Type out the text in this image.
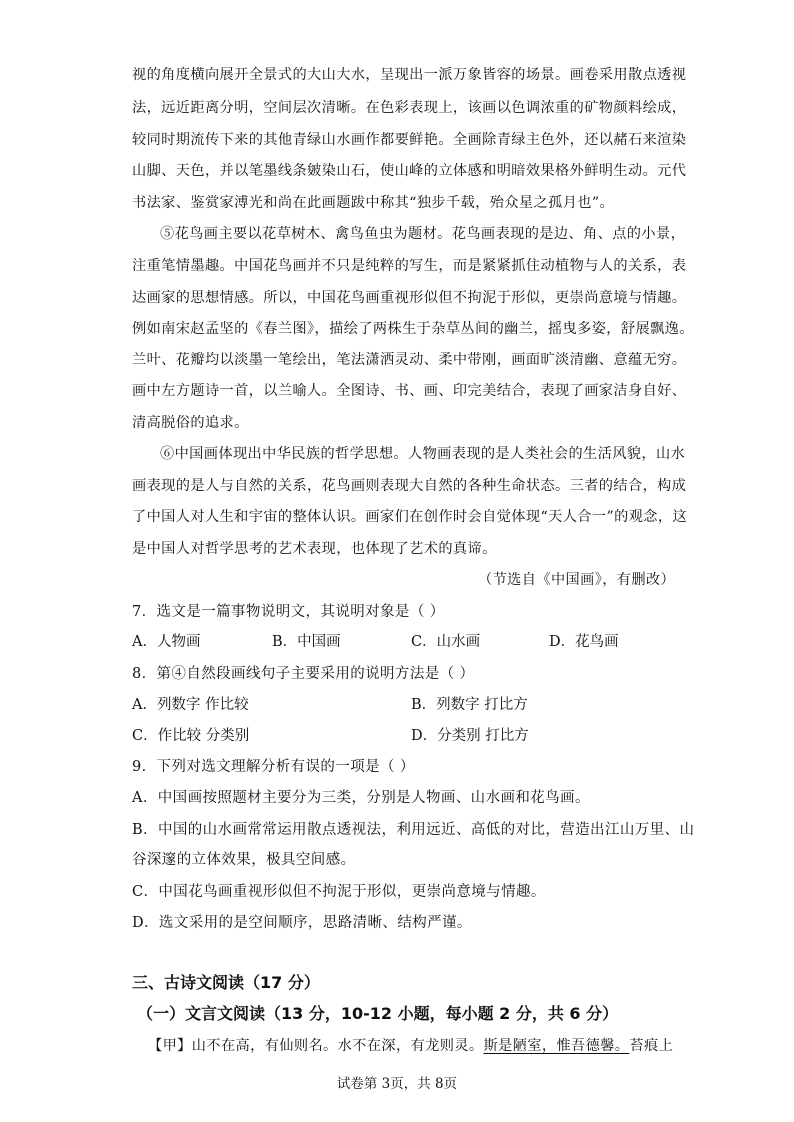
视的角度横向展开全景式的大山大水，呈现出一派万象皆容的场景。画卷采用散点透视
法，远近距离分明，空间层次清晰。在色彩表现上，该画以色调浓重的矿物颜料绘成，
较同时期流传下来的其他青绿山水画作都要鲜艳。全画除青绿主色外，还以赭石来渲染
山脚、天色，并以笔墨线条皴染山石，使山峰的立体感和明暗效果格外鲜明生动。元代
书法家、鉴赏家溥光和尚在此画题跋中称其“独步千载，殆众星之孤月也”。
⑤花鸟画主要以花草树木、禽鸟鱼虫为题材。花鸟画表现的是边、角、点的小景，
注重笔情墨趣。中国花鸟画并不只是纯粹的写生，而是紧紧抓住动植物与人的关系，表
达画家的思想情感。所以，中国花鸟画重视形似但不拘泥于形似，更崇尚意境与情趣。
例如南宋赵孟坚的《春兰图》，描绘了两株生于杂草丛间的幽兰，摇曳多姿，舒展飘逸。
兰叶、花瓣均以淡墨一笔绘出，笔法潇洒灵动、柔中带刚，画面旷淡清幽、意蕴无穷。
画中左方题诗一首，以兰喻人。全图诗、书、画、印完美结合，表现了画家洁身自好、
清高脱俗的追求。
⑥中国画体现出中华民族的哲学思想。人物画表现的是人类社会的生活风貌，山水
画表现的是人与自然的关系，花鸟画则表现大自然的各种生命状态。三者的结合，构成
了中国人对人生和宇宙的整体认识。画家们在创作时会自觉体现“天人合一”的观念，这
是中国人对哲学思考的艺术表现，也体现了艺术的真谛。
（节选自《中国画》，有删改）
7．选文是一篇事物说明文，其说明对象是（ ）
A．人物画	B．中国画	C．山水画	D．花鸟画
8．第④自然段画线句子主要采用的说明方法是（ ）
A．列数字 作比较	B．列数字 打比方
C．作比较 分类别	D．分类别 打比方
9．下列对选文理解分析有误的一项是（ ）
A．中国画按照题材主要分为三类，分别是人物画、山水画和花鸟画。
B．中国的山水画常常运用散点透视法，利用远近、高低的对比，营造出江山万里、山
谷深邃的立体效果，极具空间感。
C．中国花鸟画重视形似但不拘泥于形似，更崇尚意境与情趣。
D．选文采用的是空间顺序，思路清晰、结构严谨。
三、古诗文阅读（17 分）
（一）文言文阅读（13 分，10-12 小题，每小题 2 分，共 6 分）
【甲】山不在高，有仙则名。水不在深，有龙则灵。斯是陋室，惟吾德馨。苔痕上
试卷第 3页，共 8页
